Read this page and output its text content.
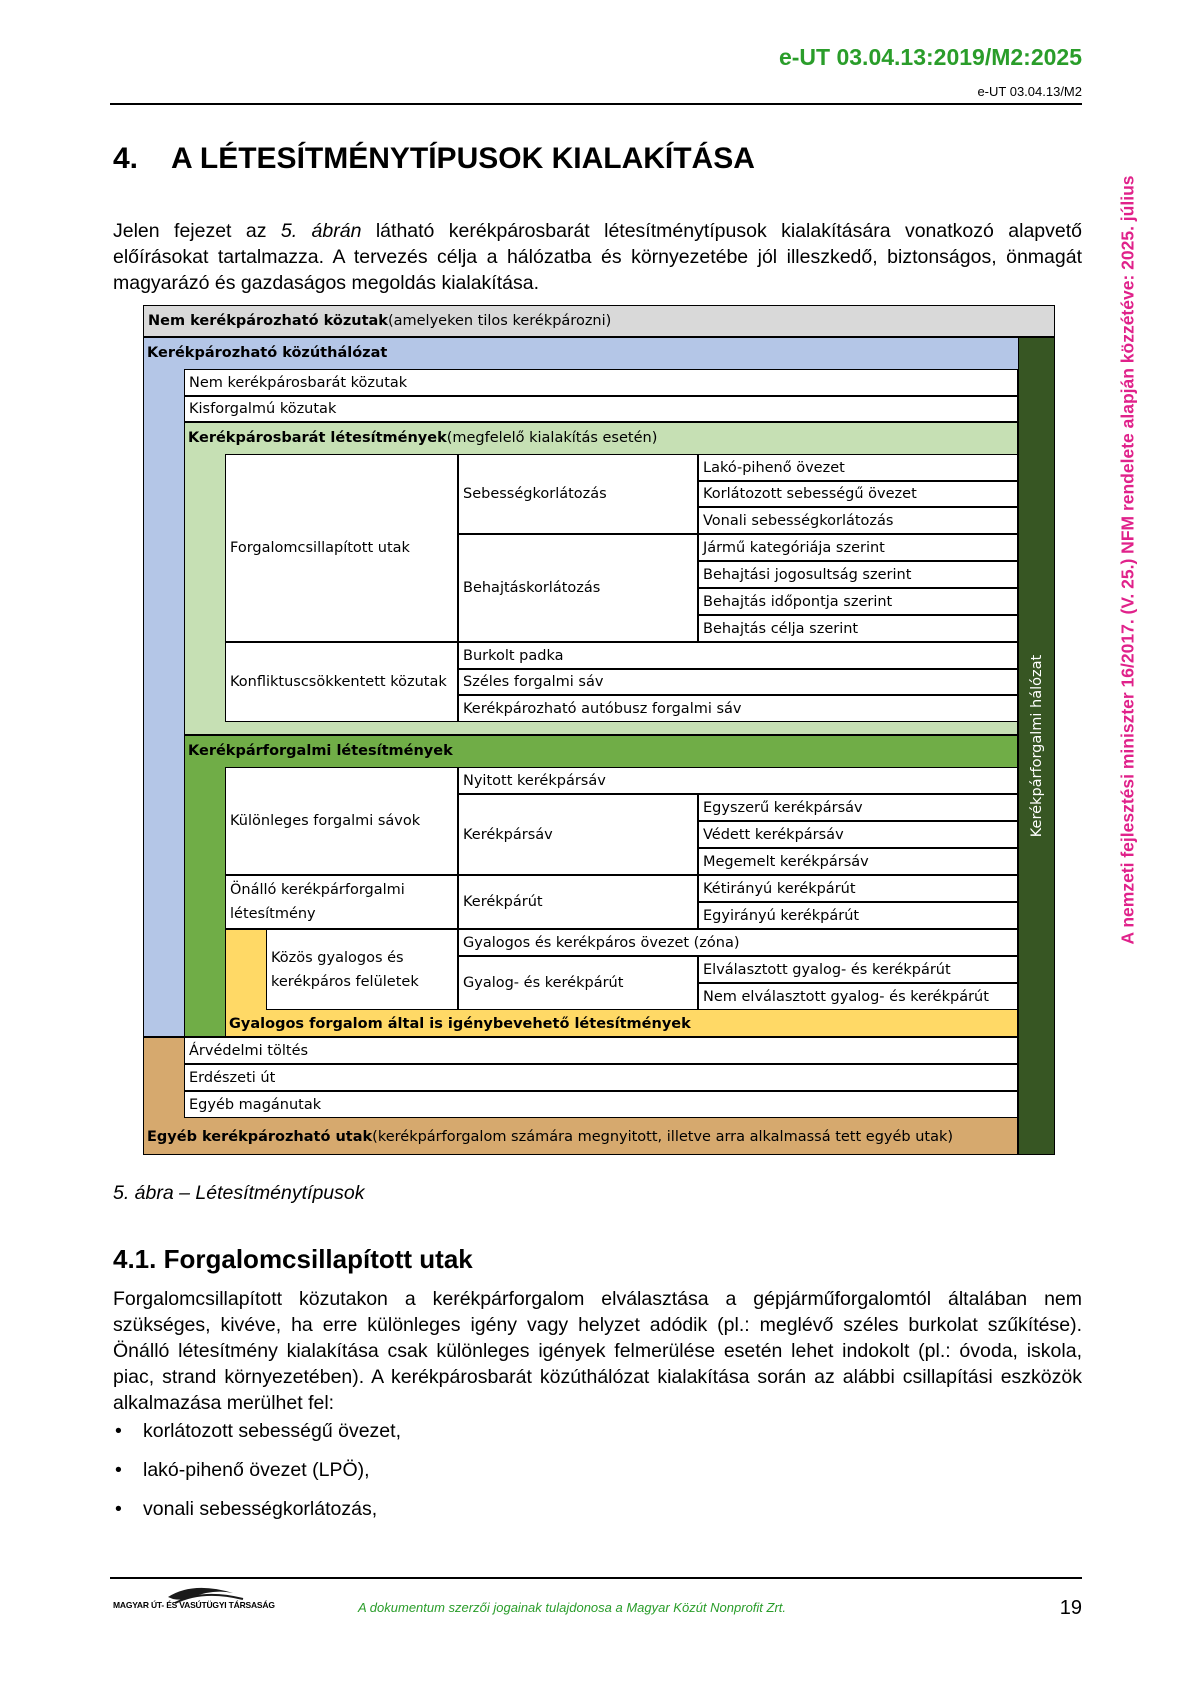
e-UT 03.04.13:2019/M2:2025
e-UT 03.04.13/M2
A nemzeti fejlesztési miniszter 16/2017. (V. 25.) NFM rendelete alapján közzétéve: 2025. július
4. A LÉTESÍTMÉNYTÍPUSOK KIALAKÍTÁSA

Jelen fejezet az 5. ábrán látható kerékpárosbarát létesítménytípusok kialakítására vonatkozó alapvető előírásokat tartalmazza. A tervezés célja a hálózatba és környezetébe jól illeszkedő, biztonságos, önmagát magyarázó és gazdaságos megoldás kialakítása.

Nem kerékpározható közutak (amelyeken tilos kerékpározni)
Kerékpározható közúthálózat
Kerékpárforgalmi hálózat
Nem kerékpárosbarát közutak
Kisforgalmú közutak
Kerékpárosbarát létesítmények (megfelelő kialakítás esetén)
Forgalomcsillapított utak
Sebességkorlátozás
Lakó-pihenő övezet
Korlátozott sebességű övezet
Vonali sebességkorlátozás
Behajtáskorlátozás
Jármű kategóriája szerint
Behajtási jogosultság szerint
Behajtás időpontja szerint
Behajtás célja szerint
Konfliktuscsökkentett közutak
Burkolt padka
Széles forgalmi sáv
Kerékpározható autóbusz forgalmi sáv
Kerékpárforgalmi létesítmények
Különleges forgalmi sávok
Nyitott kerékpársáv
Kerékpársáv
Egyszerű kerékpársáv
Védett kerékpársáv
Megemelt kerékpársáv
Önálló kerékpárforgalmi létesítmény
Kerékpárút
Kétirányú kerékpárút
Egyirányú kerékpárút
Közös gyalogos és kerékpáros felületek
Gyalogos és kerékpáros övezet (zóna)
Gyalog- és kerékpárút
Elválasztott gyalog- és kerékpárút
Nem elválasztott gyalog- és kerékpárút
Gyalogos forgalom által is igénybevehető létesítmények
Árvédelmi töltés
Erdészeti út
Egyéb magánutak
Egyéb kerékpározható utak (kerékpárforgalom számára megnyitott, illetve arra alkalmassá tett egyéb utak)
5. ábra – Létesítménytípusok
4.1. Forgalomcsillapított utak

Forgalomcsillapított közutakon a kerékpárforgalom elválasztása a gépjárműforgalomtól általában nem szükséges, kivéve, ha erre különleges igény vagy helyzet adódik (pl.: meglévő széles burkolat szűkítése). Önálló létesítmény kialakítása csak különleges igények felmerülése esetén lehet indokolt (pl.: óvoda, iskola, piac, strand környezetében). A kerékpárosbarát közúthálózat kialakítása során az alábbi csillapítási eszközök alkalmazása merülhet fel:

• korlátozott sebességű övezet,
• lakó-pihenő övezet (LPÖ),
• vonali sebességkorlátozás,
MAGYAR ÚT- ÉS VASÚTÜGYI TÁRSASÁG	A dokumentum szerzői jogainak tulajdonosa a Magyar Közút Nonprofit Zrt.	19
